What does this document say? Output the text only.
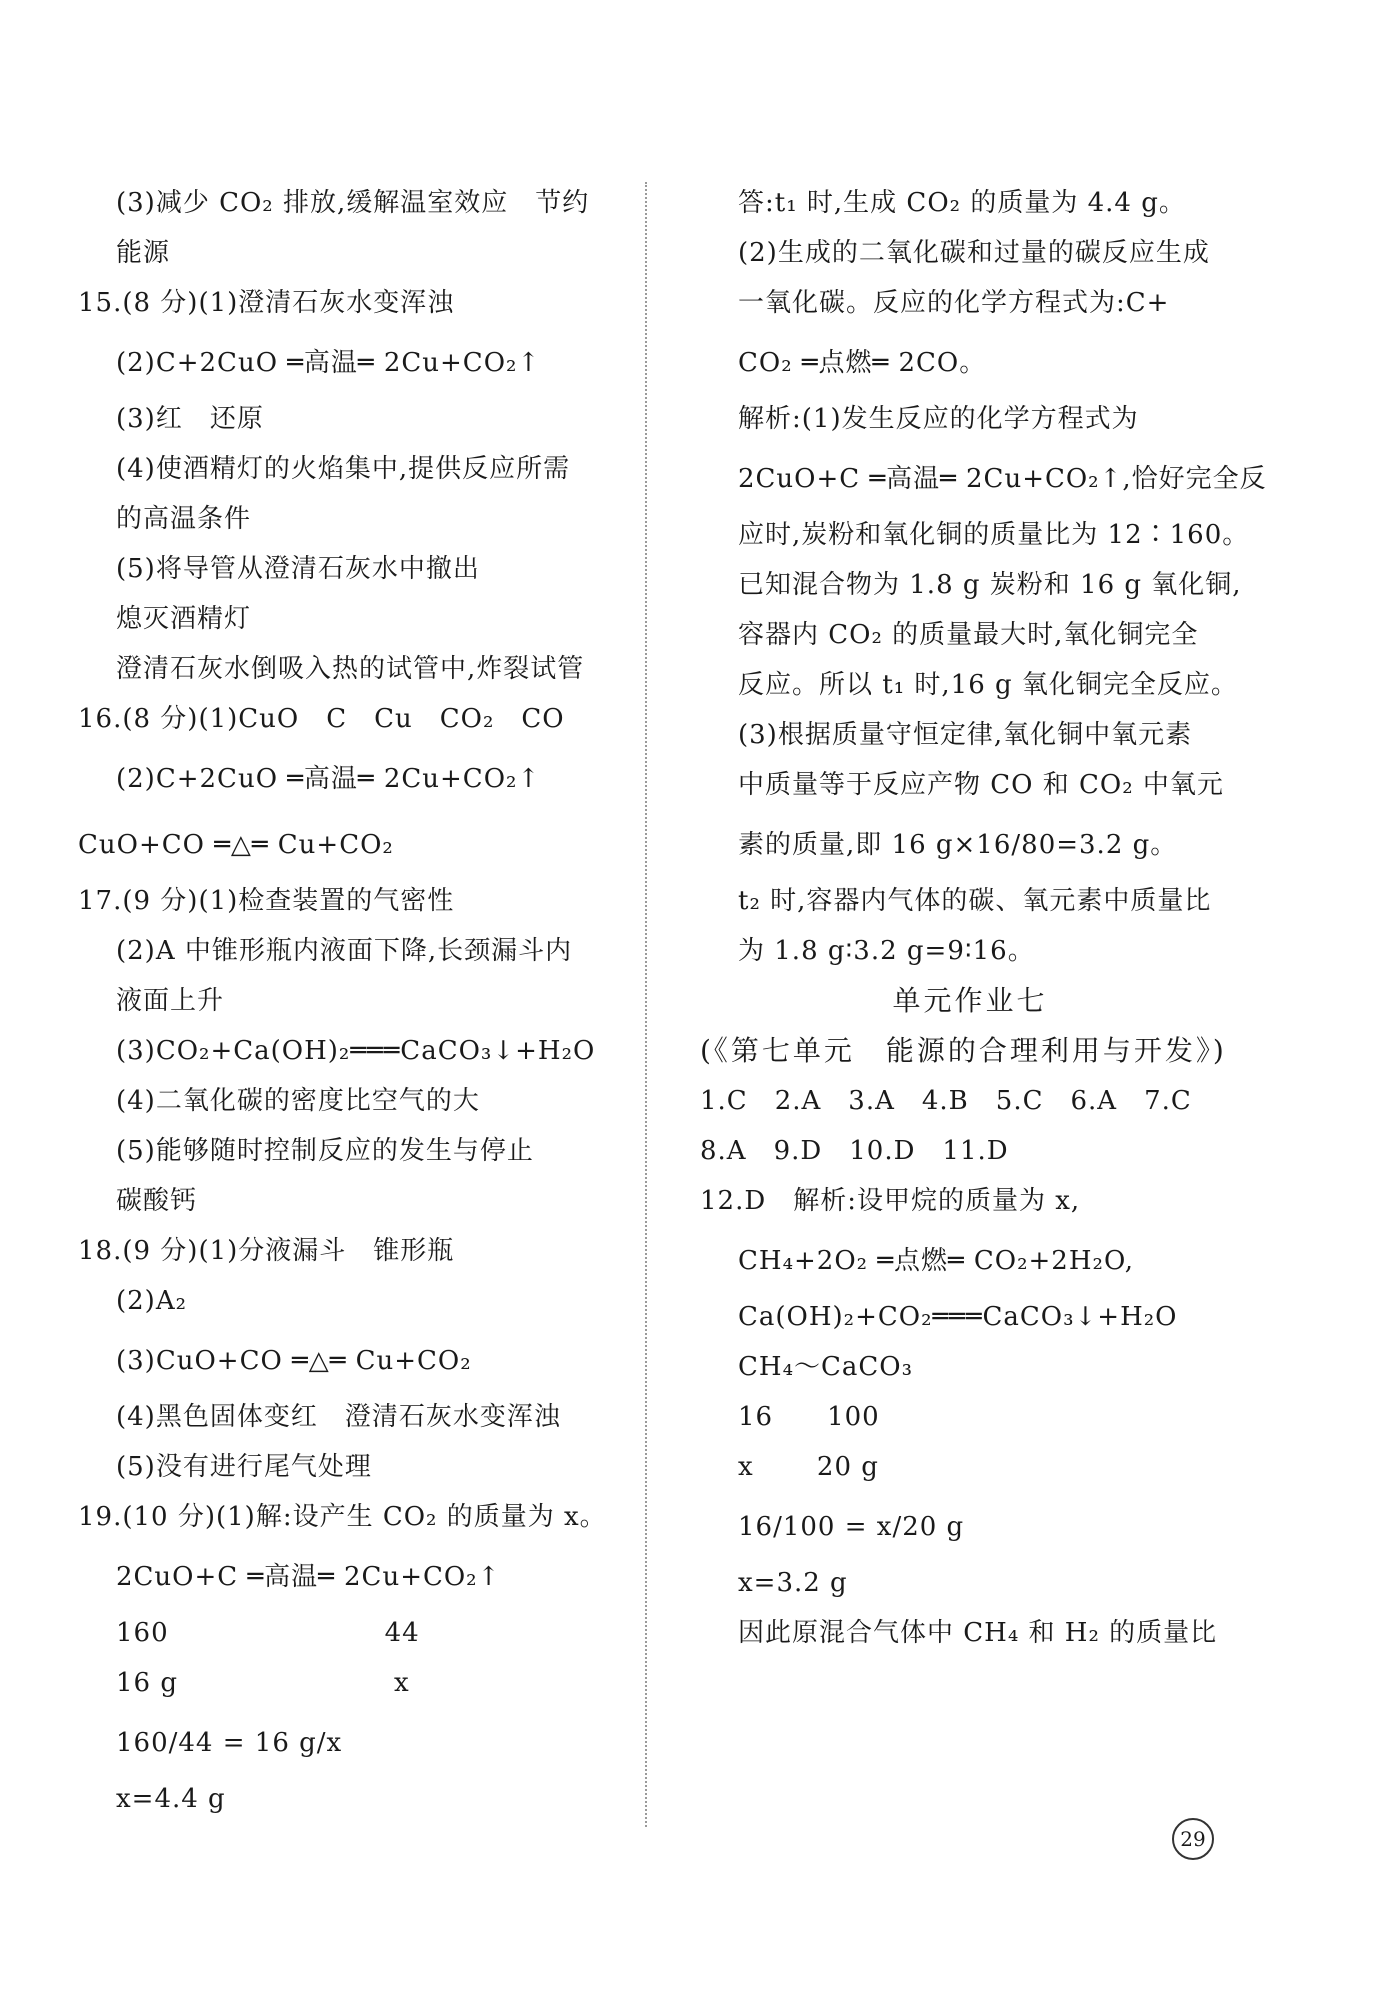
(3)减少 CO₂ 排放,缓解温室效应　节约
能源
15.(8 分)(1)澄清石灰水变浑浊
(2)C+2CuO ═高温═ 2Cu+CO₂↑
(3)红　还原
(4)使酒精灯的火焰集中,提供反应所需
的高温条件
(5)将导管从澄清石灰水中撤出
熄灭酒精灯
澄清石灰水倒吸入热的试管中,炸裂试管
16.(8 分)(1)CuO　C　Cu　CO₂　CO
(2)C+2CuO ═高温═ 2Cu+CO₂↑
CuO+CO ═△═ Cu+CO₂
17.(9 分)(1)检查装置的气密性
(2)A 中锥形瓶内液面下降,长颈漏斗内
液面上升
(3)CO₂+Ca(OH)₂═══CaCO₃↓+H₂O
(4)二氧化碳的密度比空气的大
(5)能够随时控制反应的发生与停止
碳酸钙
18.(9 分)(1)分液漏斗　锥形瓶
(2)A₂
(3)CuO+CO ═△═ Cu+CO₂
(4)黑色固体变红　澄清石灰水变浑浊
(5)没有进行尾气处理
19.(10 分)(1)解:设产生 CO₂ 的质量为 x。
2CuO+C ═高温═ 2Cu+CO₂↑
160　　　　　　　　44
16 g　　　　　　　　x
160/44 = 16 g/x
x=4.4 g
答:t₁ 时,生成 CO₂ 的质量为 4.4 g。
(2)生成的二氧化碳和过量的碳反应生成
一氧化碳。反应的化学方程式为:C+
CO₂ ═点燃═ 2CO。
解析:(1)发生反应的化学方程式为
2CuO+C ═高温═ 2Cu+CO₂↑,恰好完全反
应时,炭粉和氧化铜的质量比为 12∶160。
已知混合物为 1.8 g 炭粉和 16 g 氧化铜,
容器内 CO₂ 的质量最大时,氧化铜完全
反应。所以 t₁ 时,16 g 氧化铜完全反应。
(3)根据质量守恒定律,氧化铜中氧元素
中质量等于反应产物 CO 和 CO₂ 中氧元
素的质量,即 16 g×16/80=3.2 g。
t₂ 时,容器内气体的碳、氧元素中质量比
为 1.8 g∶3.2 g=9∶16。
单元作业七
(《第七单元　能源的合理利用与开发》)
1.C　2.A　3.A　4.B　5.C　6.A　7.C
8.A　9.D　10.D　11.D
12.D　解析:设甲烷的质量为 x,
CH₄+2O₂ ═点燃═ CO₂+2H₂O,
Ca(OH)₂+CO₂═══CaCO₃↓+H₂O
CH₄～CaCO₃
16　　100
x　　 20 g
16/100 = x/20 g
x=3.2 g
因此原混合气体中 CH₄ 和 H₂ 的质量比
29
